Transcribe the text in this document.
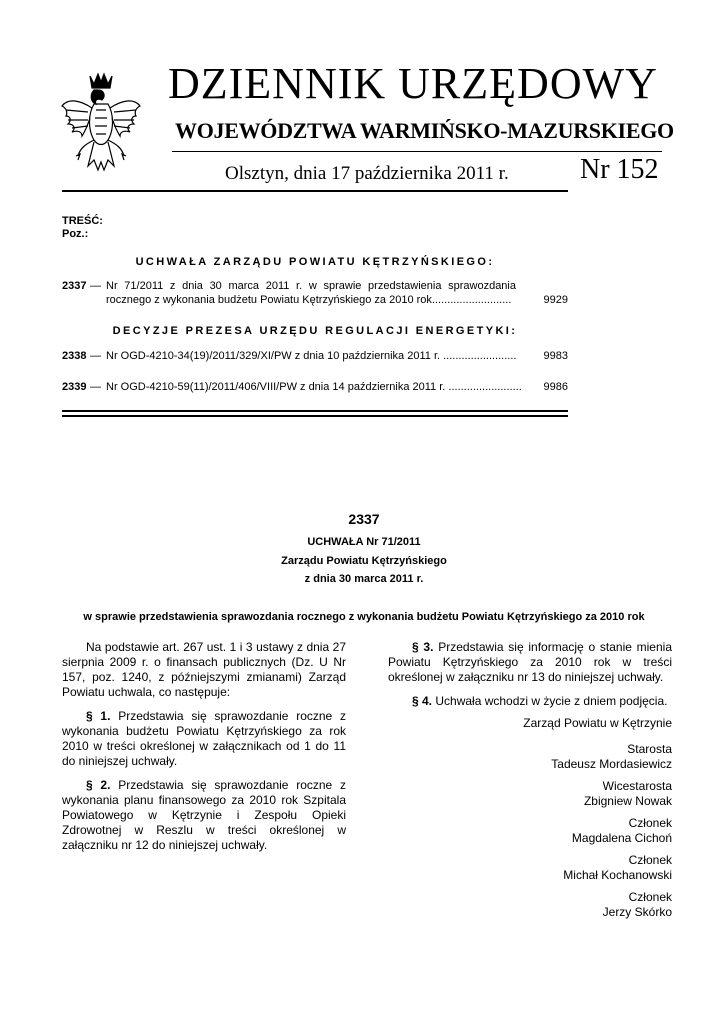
DZIENNIK URZĘDOWY
WOJEWÓDZTWA WARMIŃSKO-MAZURSKIEGO
Olsztyn, dnia 17 października 2011 r.	Nr 152
TREŚĆ:
Poz.:
UCHWAŁA ZARZĄDU POWIATU KĘTRZYŃSKIEGO:
2337 — Nr 71/2011 z dnia 30 marca 2011 r. w sprawie przedstawienia sprawozdania rocznego z wykonania budżetu Powiatu Kętrzyńskiego za 2010 rok..........................	9929
DECYZJE PREZESA URZĘDU REGULACJI ENERGETYKI:
2338 — Nr OGD-4210-34(19)/2011/329/XI/PW z dnia 10 października 2011 r. ........................ 9983
2339 — Nr OGD-4210-59(11)/2011/406/VIII/PW z dnia 14 października 2011 r. ........................ 9986
2337
UCHWAŁA Nr 71/2011
Zarządu Powiatu Kętrzyńskiego
z dnia 30 marca 2011 r.
w sprawie przedstawienia sprawozdania rocznego z wykonania budżetu Powiatu Kętrzyńskiego za 2010 rok

Na podstawie art. 267 ust. 1 i 3 ustawy z dnia 27 sierpnia 2009 r. o finansach publicznych (Dz. U Nr 157, poz. 1240, z późniejszymi zmianami) Zarząd Powiatu uchwala, co następuje:

§ 1. Przedstawia się sprawozdanie roczne z wykonania budżetu Powiatu Kętrzyńskiego za rok 2010 w treści określonej w załącznikach od 1 do 11 do niniejszej uchwały.

§ 2. Przedstawia się sprawozdanie roczne z wykonania planu finansowego za 2010 rok Szpitala Powiatowego w Kętrzynie i Zespołu Opieki Zdrowotnej w Reszlu w treści określonej w załączniku nr 12 do niniejszej uchwały.

§ 3. Przedstawia się informację o stanie mienia Powiatu Kętrzyńskiego za 2010 rok w treści określonej w załączniku nr 13 do niniejszej uchwały.

§ 4. Uchwała wchodzi w życie z dniem podjęcia.

Zarząd Powiatu w Kętrzynie
Starosta
Tadeusz Mordasiewicz
Wicestarosta
Zbigniew Nowak
Członek
Magdalena Cichoń
Członek
Michał Kochanowski
Członek
Jerzy Skórko
